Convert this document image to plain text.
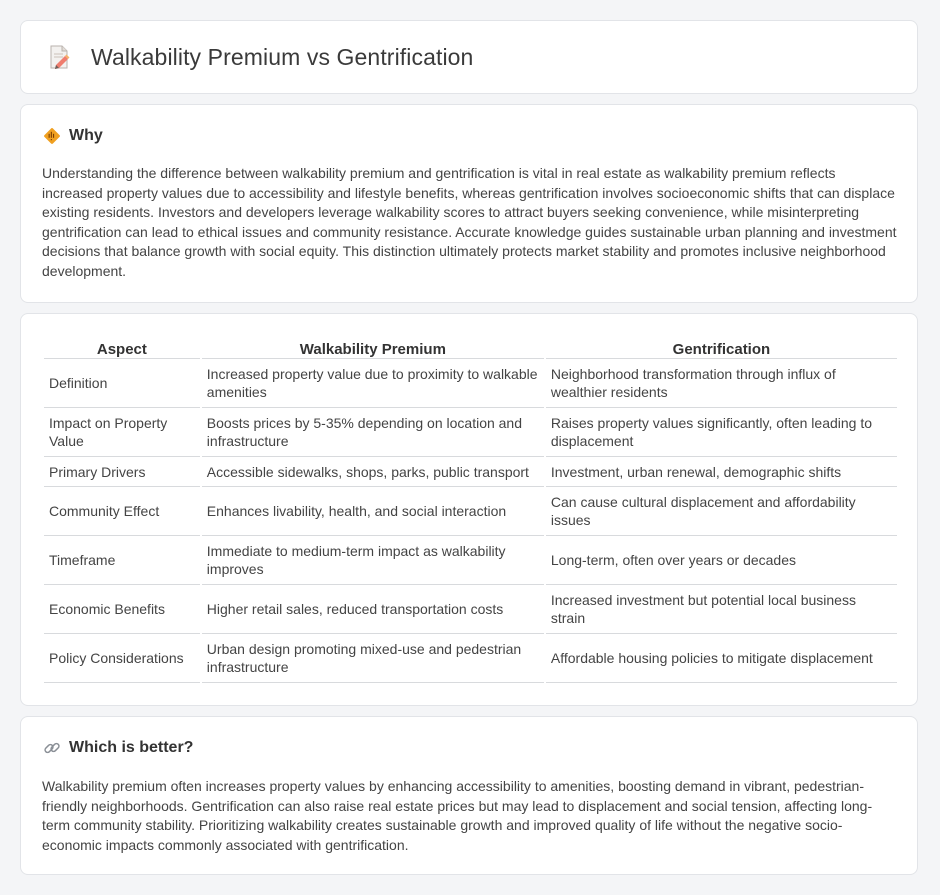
Walkability Premium vs Gentrification
Why
Understanding the difference between walkability premium and gentrification is vital in real estate as walkability premium reflects increased property values due to accessibility and lifestyle benefits, whereas gentrification involves socioeconomic shifts that can displace existing residents. Investors and developers leverage walkability scores to attract buyers seeking convenience, while misinterpreting gentrification can lead to ethical issues and community resistance. Accurate knowledge guides sustainable urban planning and investment decisions that balance growth with social equity. This distinction ultimately protects market stability and promotes inclusive neighborhood development.
Aspect	Walkability Premium	Gentrification
Definition	Increased property value due to proximity to walkable amenities	Neighborhood transformation through influx of wealthier residents
Impact on Property Value	Boosts prices by 5-35% depending on location and infrastructure	Raises property values significantly, often leading to displacement
Primary Drivers	Accessible sidewalks, shops, parks, public transport	Investment, urban renewal, demographic shifts
Community Effect	Enhances livability, health, and social interaction	Can cause cultural displacement and affordability issues
Timeframe	Immediate to medium-term impact as walkability improves	Long-term, often over years or decades
Economic Benefits	Higher retail sales, reduced transportation costs	Increased investment but potential local business strain
Policy Considerations	Urban design promoting mixed-use and pedestrian infrastructure	Affordable housing policies to mitigate displacement
Which is better?
Walkability premium often increases property values by enhancing accessibility to amenities, boosting demand in vibrant, pedestrian-friendly neighborhoods. Gentrification can also raise real estate prices but may lead to displacement and social tension, affecting long-term community stability. Prioritizing walkability creates sustainable growth and improved quality of life without the negative socio-economic impacts commonly associated with gentrification.
